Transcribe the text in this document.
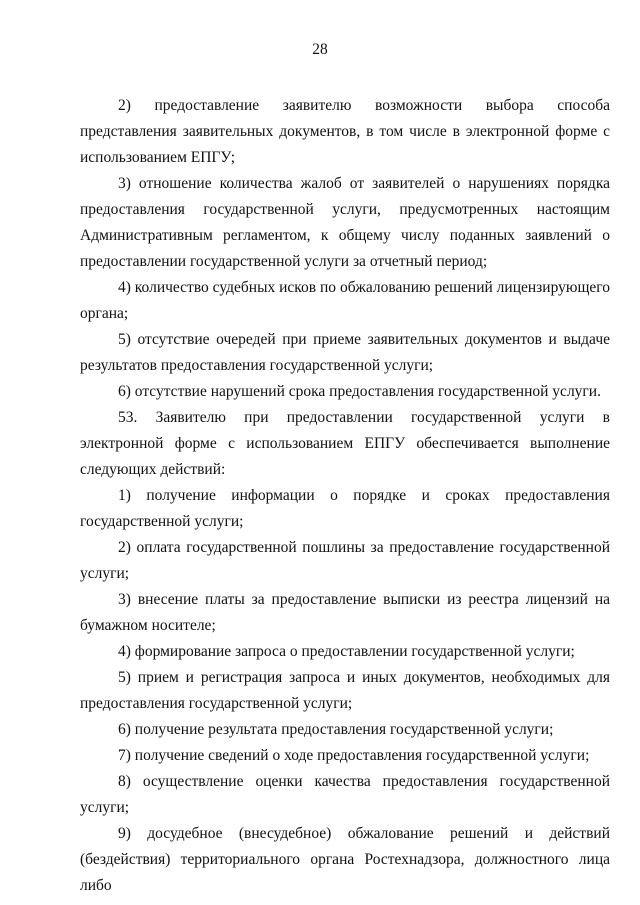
28

2) предоставление заявителю возможности выбора способа представления заявительных документов, в том числе в электронной форме с использованием ЕПГУ;

3) отношение количества жалоб от заявителей о нарушениях порядка предоставления государственной услуги, предусмотренных настоящим Административным регламентом, к общему числу поданных заявлений о предоставлении государственной услуги за отчетный период;

4) количество судебных исков по обжалованию решений лицензирующего органа;

5) отсутствие очередей при приеме заявительных документов и выдаче результатов предоставления государственной услуги;

6) отсутствие нарушений срока предоставления государственной услуги.

53. Заявителю при предоставлении государственной услуги в электронной форме с использованием ЕПГУ обеспечивается выполнение следующих действий:

1) получение информации о порядке и сроках предоставления государственной услуги;

2) оплата государственной пошлины за предоставление государственной услуги;

3) внесение платы за предоставление выписки из реестра лицензий на бумажном носителе;

4) формирование запроса о предоставлении государственной услуги;

5) прием и регистрация запроса и иных документов, необходимых для предоставления государственной услуги;

6) получение результата предоставления государственной услуги;

7) получение сведений о ходе предоставления государственной услуги;

8) осуществление оценки качества предоставления государственной услуги;

9) досудебное (внесудебное) обжалование решений и действий (бездействия) территориального органа Ростехнадзора, должностного лица либо
